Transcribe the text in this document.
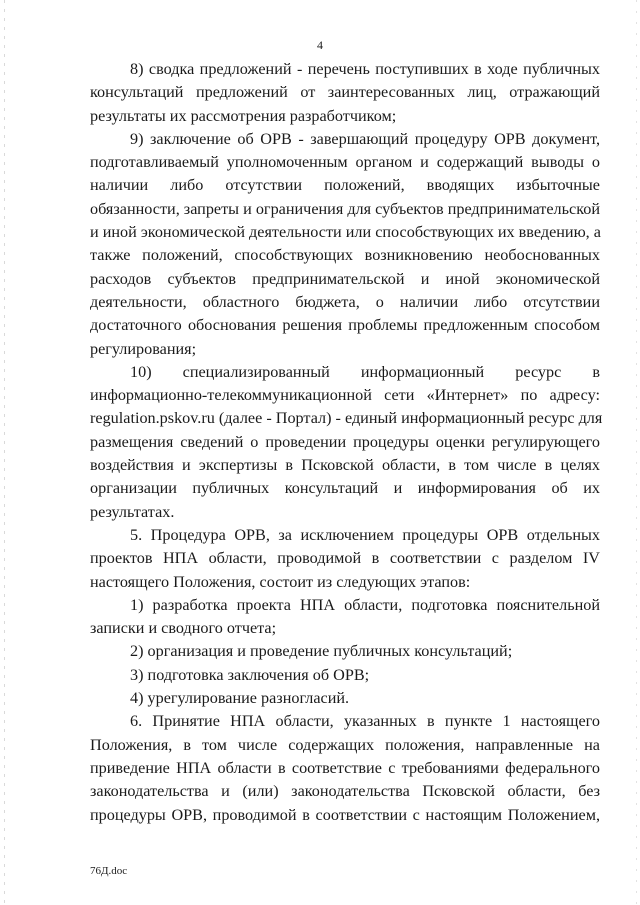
4
8) сводка предложений - перечень поступивших в ходе публичных
консультаций предложений от заинтересованных лиц, отражающий
результаты их рассмотрения разработчиком;
9) заключение об ОРВ - завершающий процедуру ОРВ документ,
подготавливаемый уполномоченным органом и содержащий выводы о
наличии либо отсутствии положений, вводящих избыточные
обязанности, запреты и ограничения для субъектов предпринимательской
и иной экономической деятельности или способствующих их введению, а
также положений, способствующих возникновению необоснованных
расходов субъектов предпринимательской и иной экономической
деятельности, областного бюджета, о наличии либо отсутствии
достаточного обоснования решения проблемы предложенным способом
регулирования;
10) специализированный информационный ресурс в
информационно-телекоммуникационной сети «Интернет» по адресу:
regulation.pskov.ru (далее - Портал) - единый информационный ресурс для
размещения сведений о проведении процедуры оценки регулирующего
воздействия и экспертизы в Псковской области, в том числе в целях
организации публичных консультаций и информирования об их
результатах.
5. Процедура ОРВ, за исключением процедуры ОРВ отдельных
проектов НПА области, проводимой в соответствии с разделом IV
настоящего Положения, состоит из следующих этапов:
1) разработка проекта НПА области, подготовка пояснительной
записки и сводного отчета;
2) организация и проведение публичных консультаций;
3) подготовка заключения об ОРВ;
4) урегулирование разногласий.
6. Принятие НПА области, указанных в пункте 1 настоящего
Положения, в том числе содержащих положения, направленные на
приведение НПА области в соответствие с требованиями федерального
законодательства и (или) законодательства Псковской области, без
процедуры ОРВ, проводимой в соответствии с настоящим Положением,
76Д.doc
